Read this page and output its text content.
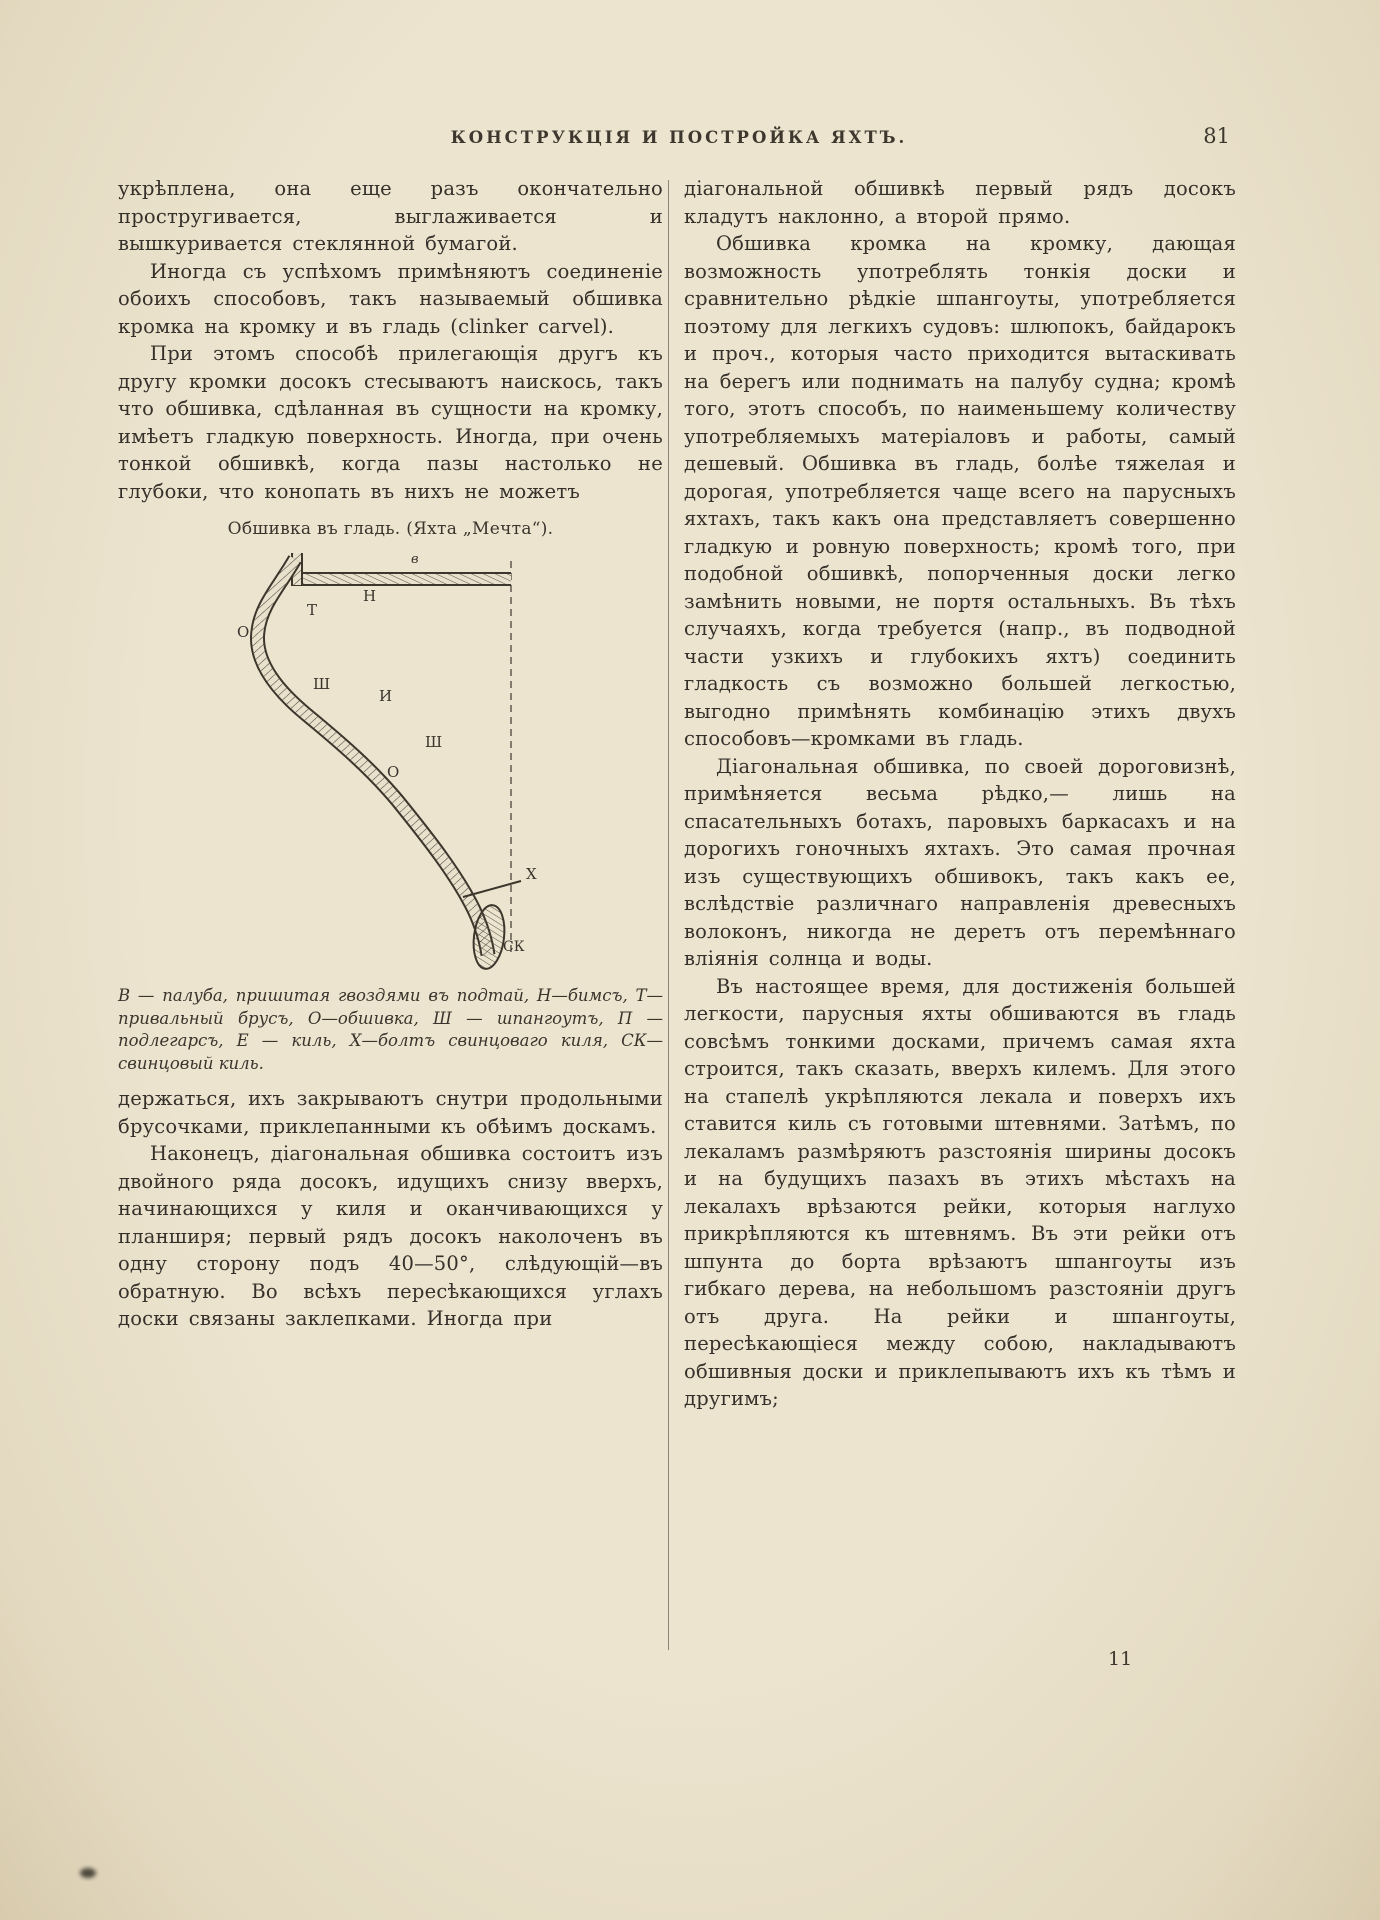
КОНСТРУКЦІЯ И ПОСТРОЙКА ЯХТЪ.	81

укрѣплена, она еще разъ окончательно простругивается, выглаживается и вышкуривается стеклянной бумагой.

Иногда съ успѣхомъ примѣняютъ соединеніе обоихъ способовъ, такъ называемый обшивка кромка на кромку и въ гладь (clinker carvel).

При этомъ способѣ прилегающія другъ къ другу кромки досокъ стесываютъ наискось, такъ что обшивка, сдѣланная въ сущности на кромку, имѣетъ гладкую поверхность. Иногда, при очень тонкой обшивкѣ, когда пазы настолько не глубоки, что конопать въ нихъ не можетъ

Обшивка въ гладь. (Яхта „Мечта“).
в
Н
Т
О
Ш
И
Ш
О
X
СК
В — палуба, пришитая гвоздями въ подтай, Н—бимсъ, Т—привальный брусъ, О—обшивка, Ш — шпангоутъ, П — подлегарсъ, Е — киль, Х—болтъ свинцоваго киля, СК—свинцовый киль.

держаться, ихъ закрываютъ снутри продольными брусочками, приклепанными къ обѣимъ доскамъ.

Наконецъ, діагональная обшивка состоитъ изъ двойного ряда досокъ, идущихъ снизу вверхъ, начинающихся у киля и оканчивающихся у планширя; первый рядъ досокъ наколоченъ въ одну сторону подъ 40—50°, слѣдующій—въ обратную. Во всѣхъ пересѣкающихся углахъ доски связаны заклепками. Иногда при

діагональной обшивкѣ первый рядъ досокъ кладутъ наклонно, а второй прямо.

Обшивка кромка на кромку, дающая возможность употреблять тонкія доски и сравнительно рѣдкіе шпангоуты, употребляется поэтому для легкихъ судовъ: шлюпокъ, байдарокъ и проч., которыя часто приходится вытаскивать на берегъ или поднимать на палубу судна; кромѣ того, этотъ способъ, по наименьшему количеству употребляемыхъ матеріаловъ и работы, самый дешевый. Обшивка въ гладь, болѣе тяжелая и дорогая, употребляется чаще всего на парусныхъ яхтахъ, такъ какъ она представляетъ совершенно гладкую и ровную поверхность; кромѣ того, при подобной обшивкѣ, попорченныя доски легко замѣнить новыми, не портя остальныхъ. Въ тѣхъ случаяхъ, когда требуется (напр., въ подводной части узкихъ и глубокихъ яхтъ) соединить гладкость съ возможно большей легкостью, выгодно примѣнять комбинацію этихъ двухъ способовъ—кромками въ гладь.

Діагональная обшивка, по своей дороговизнѣ, примѣняется весьма рѣдко,— лишь на спасательныхъ ботахъ, паровыхъ баркасахъ и на дорогихъ гоночныхъ яхтахъ. Это самая прочная изъ существующихъ обшивокъ, такъ какъ ее, вслѣдствіе различнаго направленія древесныхъ волоконъ, никогда не деретъ отъ перемѣннаго вліянія солнца и воды.

Въ настоящее время, для достиженія большей легкости, парусныя яхты обшиваются въ гладь совсѣмъ тонкими досками, причемъ самая яхта строится, такъ сказать, вверхъ килемъ. Для этого на стапелѣ укрѣпляются лекала и поверхъ ихъ ставится киль съ готовыми штевнями. Затѣмъ, по лекаламъ размѣряютъ разстоянія ширины досокъ и на будущихъ пазахъ въ этихъ мѣстахъ на лекалахъ врѣзаются рейки, которыя наглухо прикрѣпляются къ штевнямъ. Въ эти рейки отъ шпунта до борта врѣзаютъ шпангоуты изъ гибкаго дерева, на небольшомъ разстояніи другъ отъ друга. На рейки и шпангоуты, пересѣкающіеся между собою, накладываютъ обшивныя доски и приклепываютъ ихъ къ тѣмъ и другимъ;

11
